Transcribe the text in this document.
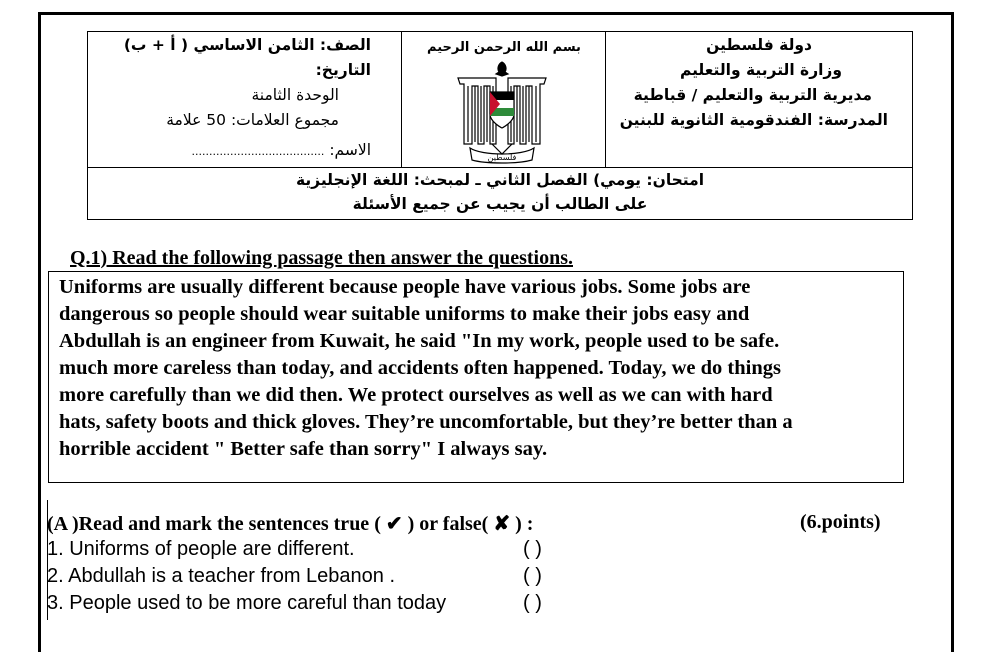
دولة فلسطين
وزارة التربية والتعليم
مديرية التربية والتعليم / قباطية
المدرسة: الفندقومية الثانوية للبنين
بسم الله الرحمن الرحيم
فلسطين
الصف: الثامن الاساسي ( أ + ب)
التاريخ:
الوحدة الثامنة
مجموع العلامات: 50 علامة
الاسم: ......................................
امتحان: يومي) الفصل الثاني ـ لمبحث: اللغة الإنجليزية
على الطالب أن يجيب عن جميع الأسئلة
Q.1) Read the following passage then answer the questions.
Uniforms are usually different because people have various jobs. Some jobs are
dangerous so people should wear suitable uniforms to make their jobs easy and
Abdullah is an engineer from Kuwait, he said "In my work, people used to be safe.
much more careless than today, and accidents often happened. Today, we do things
more carefully than we did then. We protect ourselves as well as we can with hard
hats, safety boots and thick gloves. They’re uncomfortable, but they’re better than a
horrible accident " Better safe than sorry" I always say.
(A )Read and mark the sentences true ( ✔ ) or false( ✘ ) :	(6.points)
1. Uniforms of people are different.	( )
2. Abdullah is a teacher from Lebanon .	( )
3. People used to be more careful than today	( )
